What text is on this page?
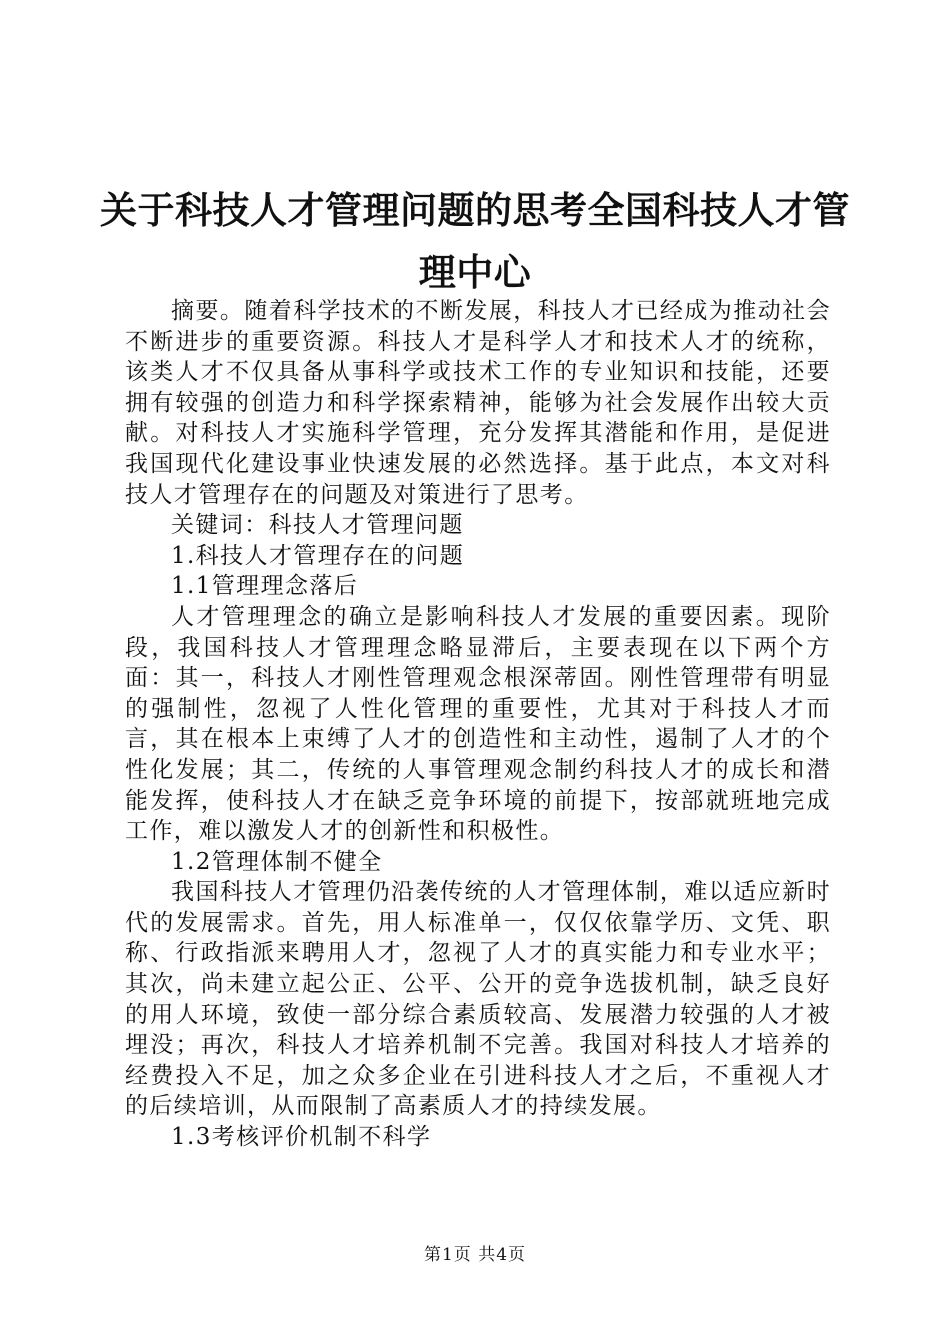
关于科技人才管理问题的思考全国科技人才管
理中心

摘要。随着科学技术的不断发展，科技人才已经成为推动社会不断进步的重要资源。科技人才是科学人才和技术人才的统称，该类人才不仅具备从事科学或技术工作的专业知识和技能，还要拥有较强的创造力和科学探索精神，能够为社会发展作出较大贡献。对科技人才实施科学管理，充分发挥其潜能和作用，是促进我国现代化建设事业快速发展的必然选择。基于此点，本文对科技人才管理存在的问题及对策进行了思考。

关键词：科技人才管理问题

1.科技人才管理存在的问题

1.1管理理念落后

人才管理理念的确立是影响科技人才发展的重要因素。现阶段，我国科技人才管理理念略显滞后，主要表现在以下两个方面：其一，科技人才刚性管理观念根深蒂固。刚性管理带有明显的强制性，忽视了人性化管理的重要性，尤其对于科技人才而言，其在根本上束缚了人才的创造性和主动性，遏制了人才的个性化发展；其二，传统的人事管理观念制约科技人才的成长和潜能发挥，使科技人才在缺乏竞争环境的前提下，按部就班地完成工作，难以激发人才的创新性和积极性。

1.2管理体制不健全

我国科技人才管理仍沿袭传统的人才管理体制，难以适应新时代的发展需求。首先，用人标准单一，仅仅依靠学历、文凭、职称、行政指派来聘用人才，忽视了人才的真实能力和专业水平；其次，尚未建立起公正、公平、公开的竞争选拔机制，缺乏良好的用人环境，致使一部分综合素质较高、发展潜力较强的人才被埋没；再次，科技人才培养机制不完善。我国对科技人才培养的经费投入不足，加之众多企业在引进科技人才之后，不重视人才的后续培训，从而限制了高素质人才的持续发展。

1.3考核评价机制不科学

第1页 共4页
